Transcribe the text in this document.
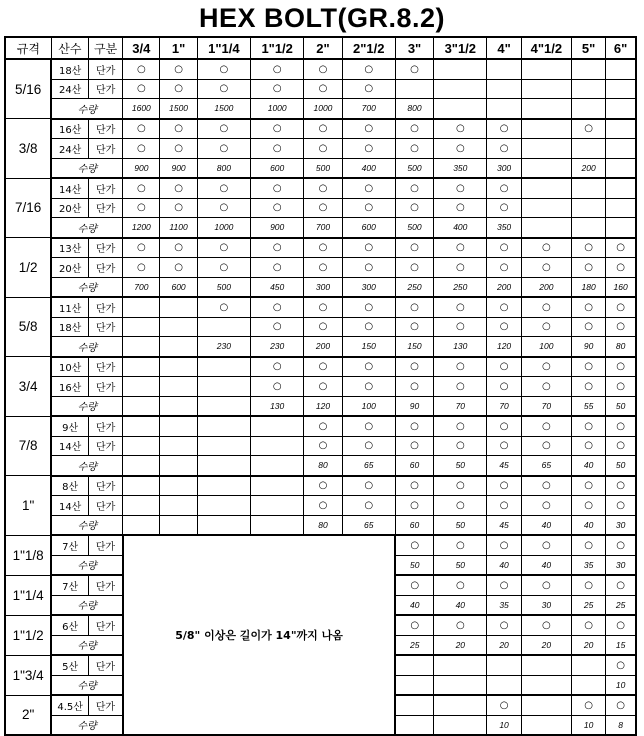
HEX BOLT(GR.8.2)
규격	산수	구분	3/4	1"	1"1/4	1"1/2	2"	2"1/2	3"	3"1/2	4"	4"1/2	5"	6"
5/16	18산	단가	○	○	○	○	○	○	○					
	24산	단가	○	○	○	○	○	○						
	수량		1600	1500	1500	1000	1000	700	800					
3/8	16산	단가	○	○	○	○	○	○	○	○	○		○	
	24산	단가	○	○	○	○	○	○	○	○	○			
	수량		900	900	800	600	500	400	500	350	300		200	
7/16	14산	단가	○	○	○	○	○	○	○	○	○			
	20산	단가	○	○	○	○	○	○	○	○	○			
	수량		1200	1100	1000	900	700	600	500	400	350			
1/2	13산	단가	○	○	○	○	○	○	○	○	○	○	○	○
	20산	단가	○	○	○	○	○	○	○	○	○	○	○	○
	수량		700	600	500	450	300	300	250	250	200	200	180	160
5/8	11산	단가			○	○	○	○	○	○	○	○	○	○
	18산	단가				○	○	○	○	○	○	○	○	○
	수량				230	230	200	150	150	130	120	100	90	80
3/4	10산	단가				○	○	○	○	○	○	○	○	○
	16산	단가				○	○	○	○	○	○	○	○	○
	수량					130	120	100	90	70	70	70	55	50
7/8	9산	단가					○	○	○	○	○	○	○	○
	14산	단가					○	○	○	○	○	○	○	○
	수량						80	65	60	50	45	65	40	50
1"	8산	단가					○	○	○	○	○	○	○	○
	14산	단가					○	○	○	○	○	○	○	○
	수량						80	65	60	50	45	40	40	30
1"1/8	7산	단가	5/8" 이상은 길이가 14"까지 나옴						○	○	○	○	○	○
	수량								50	50	40	40	35	30
1"1/4	7산	단가							○	○	○	○	○	○
	수량								40	40	35	30	25	25
1"1/2	6산	단가							○	○	○	○	○	○
	수량								25	20	20	20	20	15
1"3/4	5산	단가												○
	수량													10
2"	4.5산	단가									○		○	○
	수량										10		10	8
